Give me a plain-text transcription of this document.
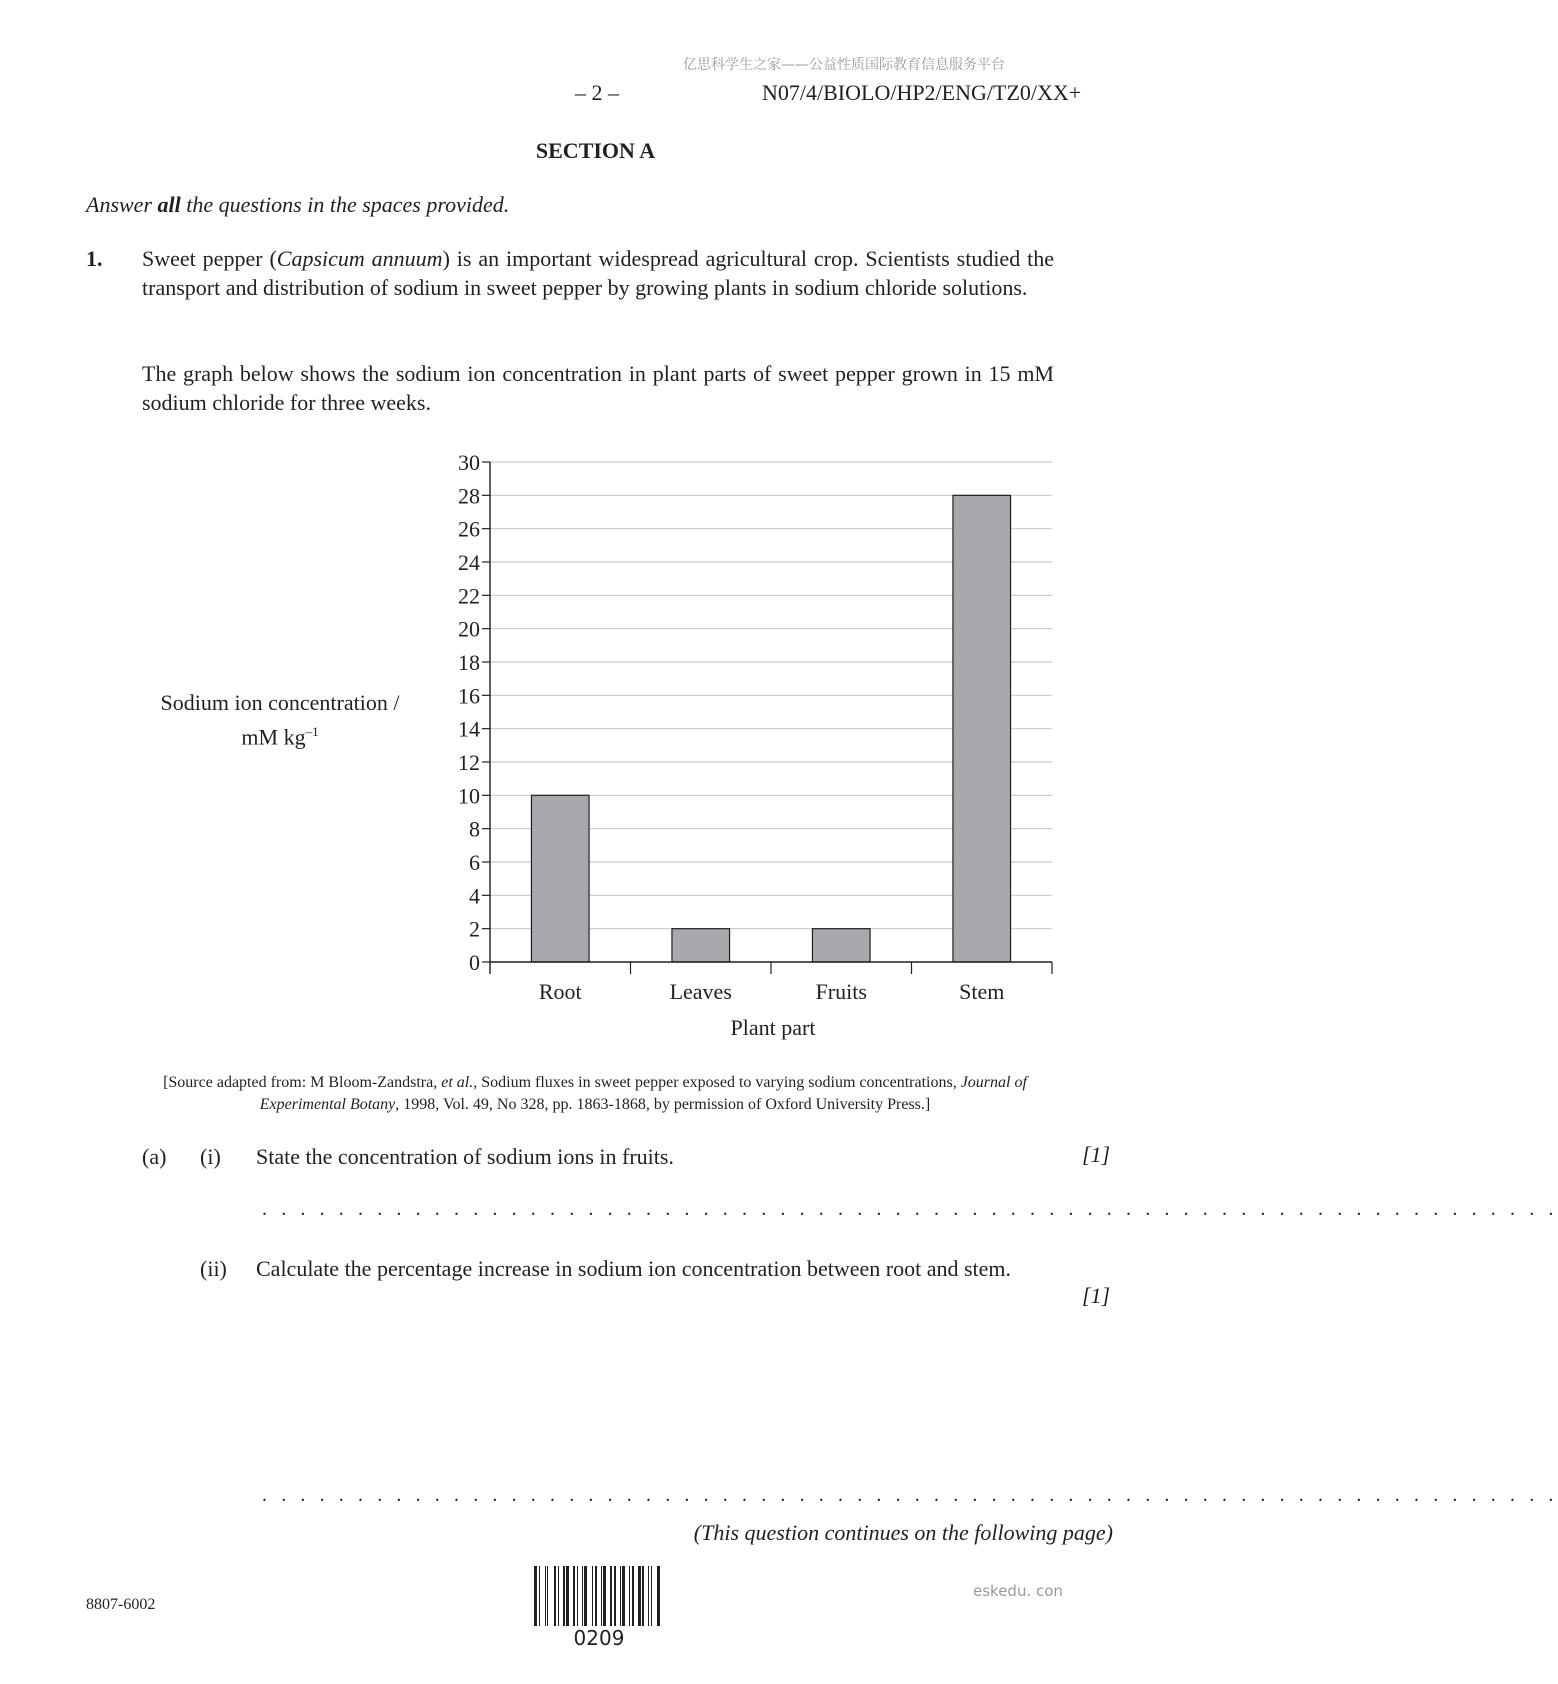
亿思科学生之家——公益性质国际教育信息服务平台
– 2 –	N07/4/BIOLO/HP2/ENG/TZ0/XX+
SECTION A
Answer all the questions in the spaces provided.
1. Sweet pepper (Capsicum annuum) is an important widespread agricultural crop. Scientists studied the transport and distribution of sodium in sweet pepper by growing plants in sodium chloride solutions.
The graph below shows the sodium ion concentration in plant parts of sweet pepper grown in 15 mM sodium chloride for three weeks.
Sodium ion concentration /
mM $kg^{-1}$
0
2
4
6
8
10
12
14
16
18
20
22
24
26
28
30
Root	Leaves	Fruits	Stem
Plant part
[Source adapted from: M Bloom-Zandstra, et al., Sodium fluxes in sweet pepper exposed to varying sodium concentrations, Journal of
Experimental Botany, 1998, Vol. 49, No 328, pp. 1863-1868, by permission of Oxford University Press.]
(a) (i) State the concentration of sodium ions in fruits.	[1]
. . . . . . . . . . . . . . . . . . . . . . . . . . . . . . . . . . . . . . . . . . . . . . . . . . . . . . . . . . . . . . . . . . . .
(ii) Calculate the percentage increase in sodium ion concentration between root and stem.
[1]
. . . . . . . . . . . . . . . . . . . . . . . . . . . . . . . . . . . . . . . . . . . . . . . . . . . . . . . . . . . . . . . . . . . .
(This question continues on the following page)
8807-6002
0209
eskedu. con
